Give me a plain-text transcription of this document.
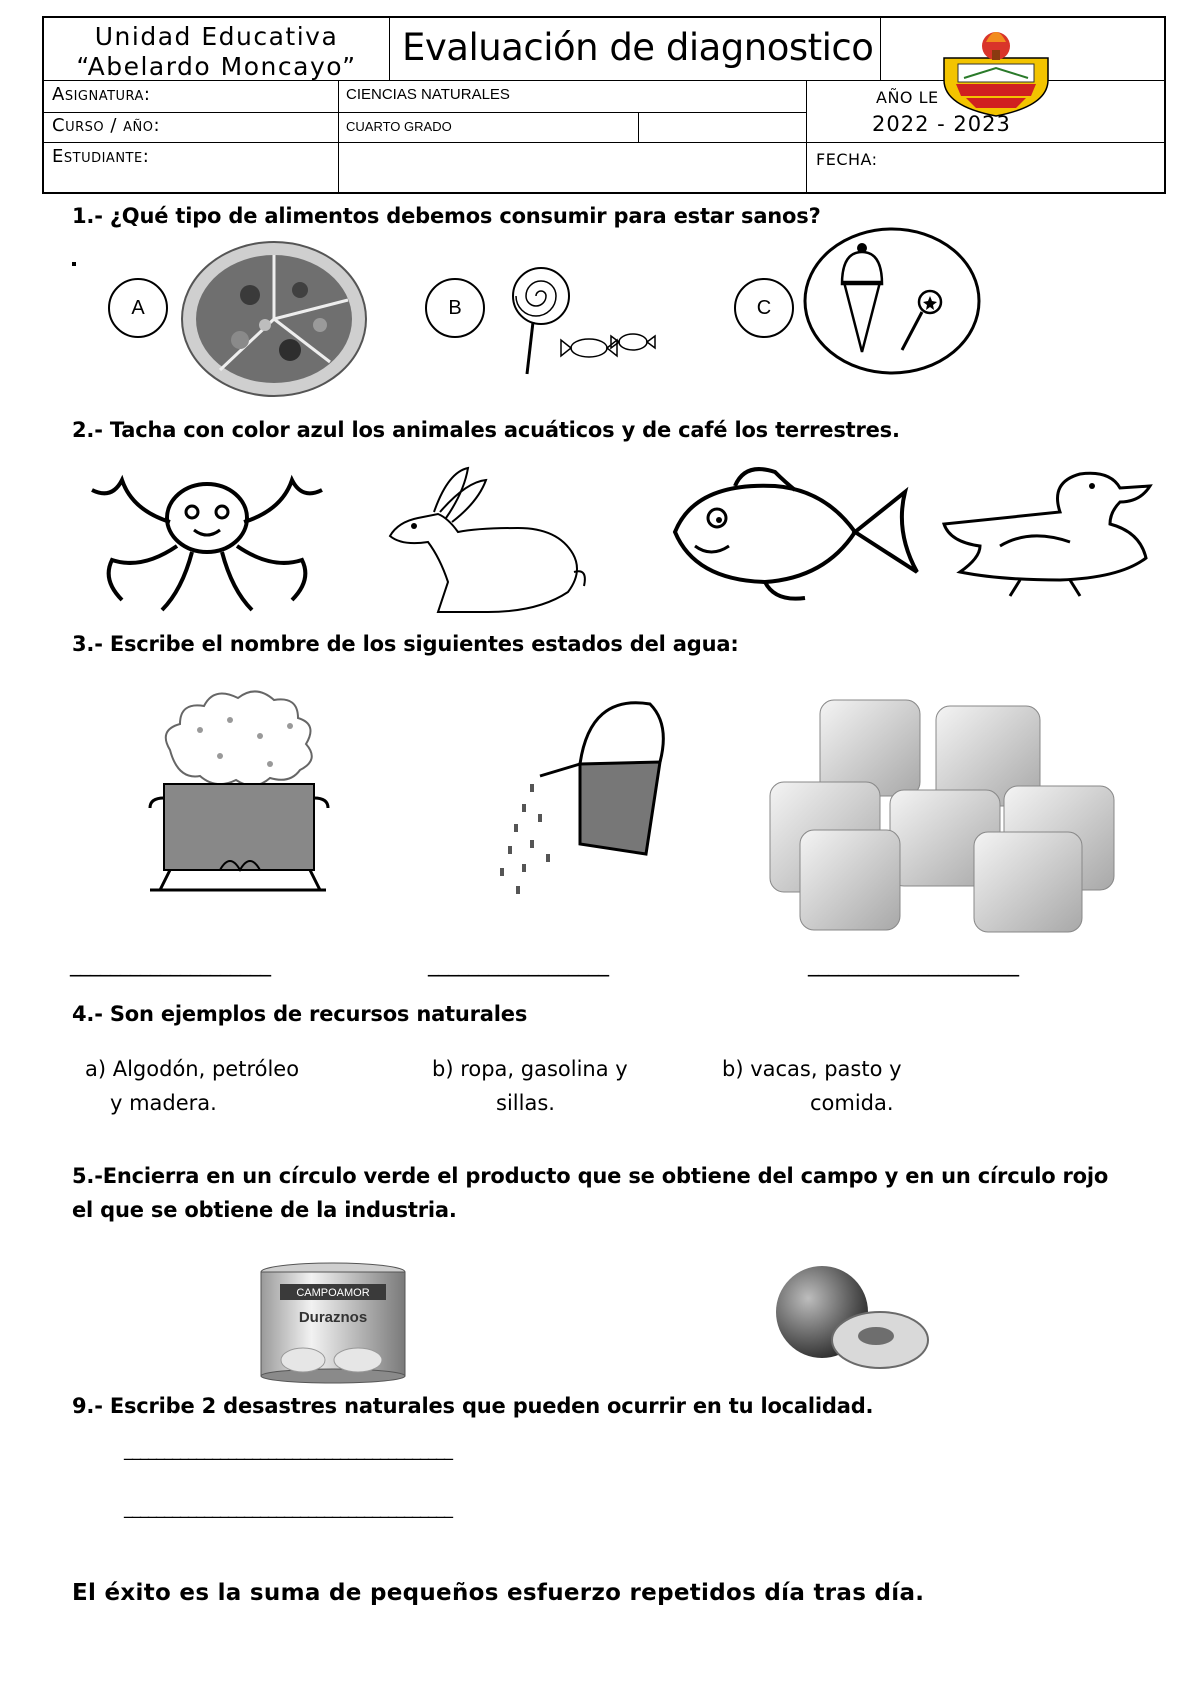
Unidad Educativa
“Abelardo Moncayo”	Evaluación de diagnostico
Asignatura:	CIENCIAS NATURALES
Curso / año:	CUARTO GRADO
Estudiante:
AÑO LE
2022 - 2023
FECHA:
1.- ¿Qué tipo de alimentos debemos consumir para estar sanos?
A	B	C
2.- Tacha con color azul los animales acuáticos y de café los terrestres.
3.- Escribe el nombre de los siguientes estados del agua:
____________________	__________________	_____________________
4.- Son ejemplos de recursos naturales
a) Algodón, petróleo
y madera.
b) ropa, gasolina y
sillas.
b) vacas, pasto y
comida.
5.-Encierra en un círculo verde el producto que se obtiene del campo y en un círculo rojo
el que se obtiene de la industria.
CAMPOAMOR
Duraznos
9.- Escribe 2 desastres naturales que pueden ocurrir en tu localidad.
_________________________________________
_________________________________________
El éxito es la suma de pequeños esfuerzo repetidos día tras día.
